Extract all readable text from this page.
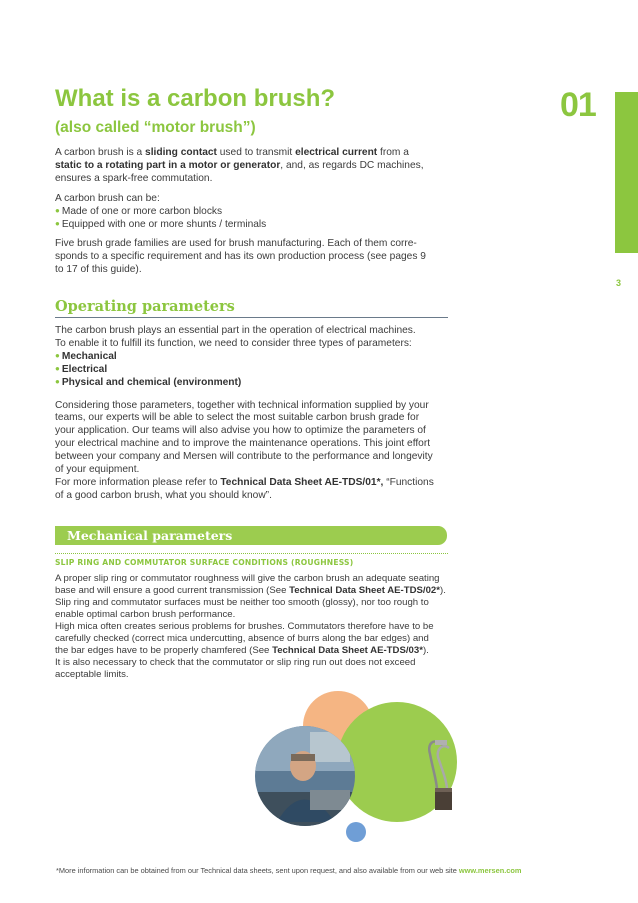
01
3
What is a carbon brush?
(also called “motor brush”)

A carbon brush is a sliding contact used to transmit electrical current from a

static to a rotating part in a motor or generator, and, as regards DC machines,

ensures a spark-free commutation.

A carbon brush can be:

● Made of one or more carbon blocks

● Equipped with one or more shunts / terminals

Five brush grade families are used for brush manufacturing. Each of them corre-

sponds to a specific requirement and has its own production process (see pages 9

to 17 of this guide).

Operating parameters

The carbon brush plays an essential part in the operation of electrical machines.

To enable it to fulfill its function, we need to consider three types of parameters:

● Mechanical

● Electrical

● Physical and chemical (environment)

Considering those parameters, together with technical information supplied by your

teams, our experts will be able to select the most suitable carbon brush grade for

your application. Our teams will also advise you how to optimize the parameters of

your electrical machine and to improve the maintenance operations. This joint effort

between your company and Mersen will contribute to the performance and longevity

of your equipment.

For more information please refer to Technical Data Sheet AE-TDS/01*, “Functions

of a good carbon brush, what you should know”.

Mechanical parameters
SLIP RING AND COMMUTATOR SURFACE CONDITIONS (ROUGHNESS)

A proper slip ring or commutator roughness will give the carbon brush an adequate seating

base and will ensure a good current transmission (See Technical Data Sheet AE-TDS/02*).

Slip ring and commutator surfaces must be neither too smooth (glossy), nor too rough to

enable optimal carbon brush performance.

High mica often creates serious problems for brushes. Commutators therefore have to be

carefully checked (correct mica undercutting, absence of burrs along the bar edges) and

the bar edges have to be properly chamfered (See Technical Data Sheet AE-TDS/03*).

It is also necessary to check that the commutator or slip ring run out does not exceed

acceptable limits.

*More information can be obtained from our Technical data sheets, sent upon request, and also available from our web site www.mersen.com
